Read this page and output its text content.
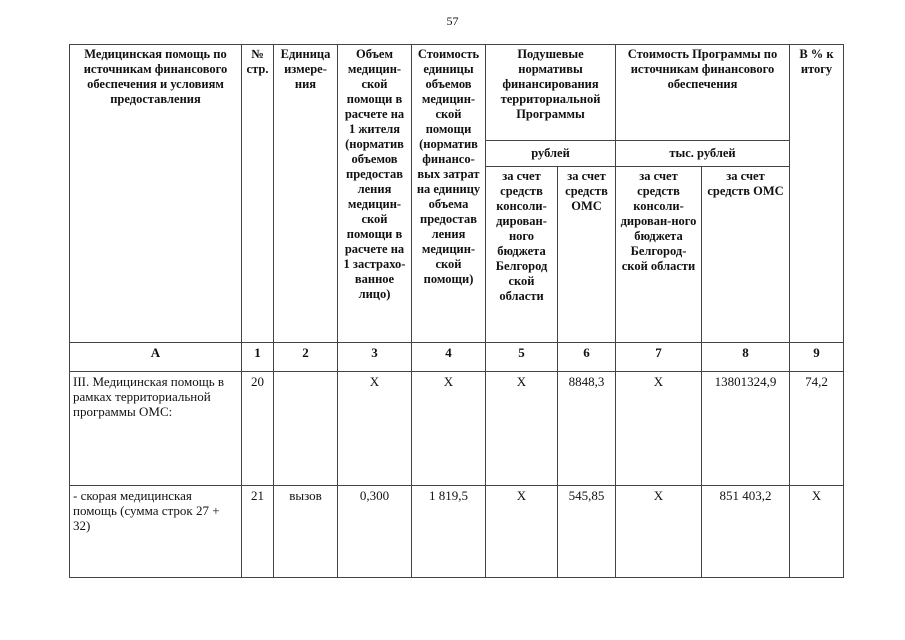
57
Медицинская помощь по источникам финансового обеспечения и условиям предоставления	№ стр.	Единица измере-ния	Объем медицин-ской помощи в расчете на 1 жителя (норматив объемов предостав ления медицин-ской помощи в расчете на 1 застрахо-ванное лицо)	Стоимость единицы объемов медицин-ской помощи (норматив финансо-вых затрат на единицу объема предостав ления медицин-ской помощи)	Подушевые нормативы финансирования территориальной Программы		Стоимость Программы по источникам финансового обеспечения		В % к итогу
					рублей		тыс. рублей		
					за счет средств консоли-дирован-ного бюджета Белгород ской области	за счет средств ОМС	за счет средств консоли-дирован-ного бюджета Белгород-ской области	за счет средств ОМС	
А	1	2	3	4	5	6	7	8	9
III. Медицинская помощь в рамках территориальной программы ОМС:	20		Х	Х	Х	8848,3	Х	13801324,9	74,2
- скорая медицинская помощь (сумма строк 27 + 32)	21	вызов	0,300	1 819,5	Х	545,85	Х	851 403,2	Х
